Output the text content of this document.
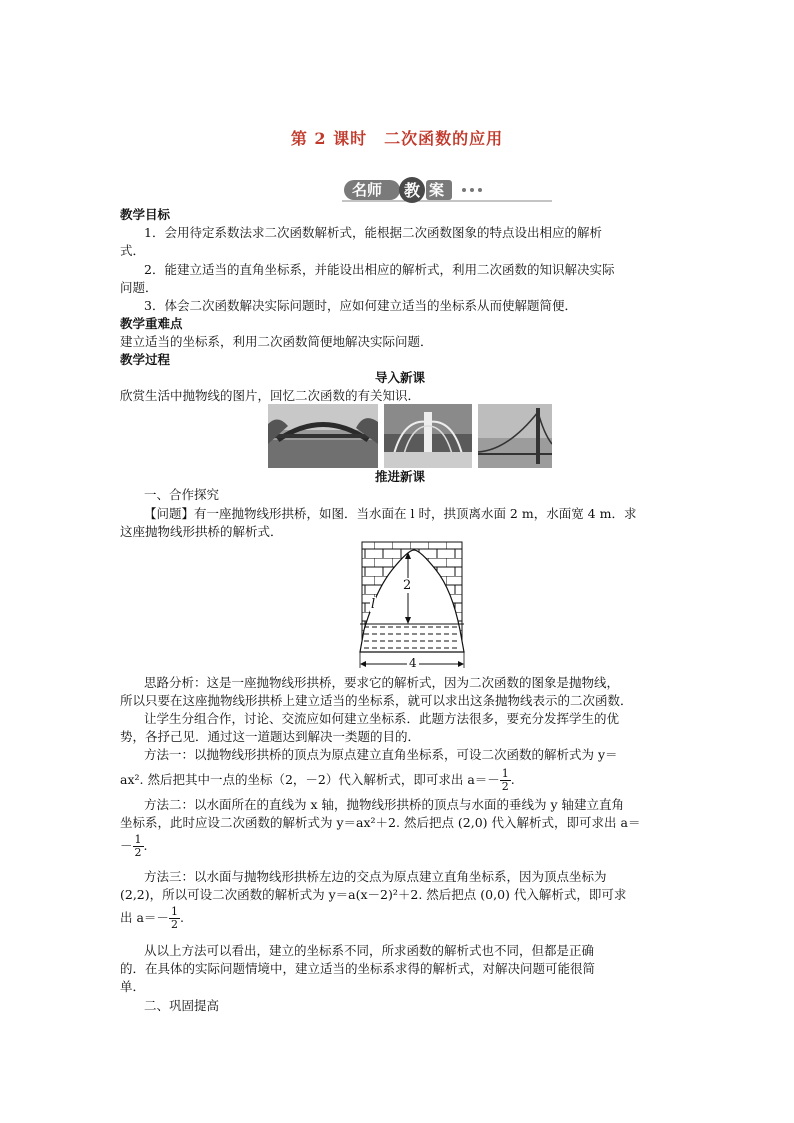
第 2 课时　二次函数的应用
名师 教 案
教学目标
1．会用待定系数法求二次函数解析式，能根据二次函数图象的特点设出相应的解析
式．
2．能建立适当的直角坐标系，并能设出相应的解析式，利用二次函数的知识解决实际
问题．
3．体会二次函数解决实际问题时，应如何建立适当的坐标系从而使解题简便．
教学重难点
建立适当的坐标系，利用二次函数简便地解决实际问题．
教学过程
导入新课
欣赏生活中抛物线的图片，回忆二次函数的有关知识．
推进新课
一、合作探究
【问题】有一座抛物线形拱桥，如图．当水面在 l 时，拱顶离水面 2 m，水面宽 4 m．求
这座抛物线形拱桥的解析式．
2
l
4
思路分析：这是一座抛物线形拱桥，要求它的解析式，因为二次函数的图象是抛物线，
所以只要在这座抛物线形拱桥上建立适当的坐标系，就可以求出这条抛物线表示的二次函数．
让学生分组合作，讨论、交流应如何建立坐标系．此题方法很多，要充分发挥学生的优
势，各抒己见．通过这一道题达到解决一类题的目的．
方法一：以抛物线形拱桥的顶点为原点建立直角坐标系，可设二次函数的解析式为 y＝
ax². 然后把其中一点的坐标（2，－2）代入解析式，即可求出 $a=- \frac{1}{2}$ .
方法二：以水面所在的直线为 x 轴，抛物线形拱桥的顶点与水面的垂线为 y 轴建立直角
坐标系，此时应设二次函数的解析式为 y＝ax²＋2. 然后把点 (2,0) 代入解析式，即可求出 a＝
－ $\frac{1}{2}$ .
方法三：以水面与抛物线形拱桥左边的交点为原点建立直角坐标系，因为顶点坐标为
(2,2)，所以可设二次函数的解析式为 y＝a(x－2)²＋2. 然后把点 (0,0) 代入解析式，即可求
出 $a=- \frac{1}{2}$ .
从以上方法可以看出，建立的坐标系不同，所求函数的解析式也不同，但都是正确
的．在具体的实际问题情境中，建立适当的坐标系求得的解析式，对解决问题可能很简
单．
二、巩固提高
